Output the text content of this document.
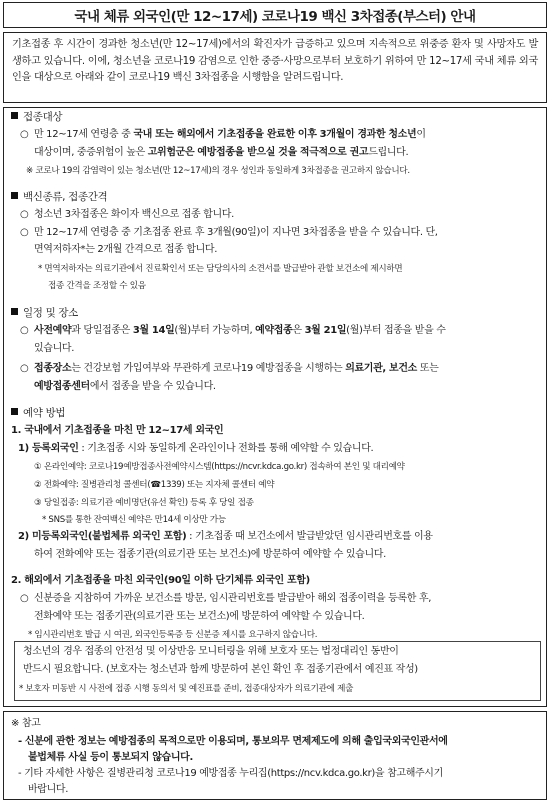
국내 체류 외국인(만 12~17세) 코로나19 백신 3차접종(부스터) 안내
기초접종 후 시간이 경과한 청소년(만 12~17세)에서의 확진자가 급증하고 있으며 지속적으로 위중증 환자 및 사망자도 발생하고 있습니다. 이에, 청소년을 코로나19 감염으로 인한 중증·사망으로부터 보호하기 위하여 만 12~17세 국내 체류 외국인을 대상으로 아래와 같이 코로나19 백신 3차접종을 시행함을 알려드립니다.
접종대상
○  만 12~17세 연령층 중 국내 또는 해외에서 기초접종을 완료한 이후 3개월이 경과한 청소년이
대상이며, 중증위험이 높은 고위험군은 예방접종을 받으실 것을 적극적으로 권고드립니다.
※ 코로나 19의 감염력이 있는 청소년(만 12~17세)의 경우 성인과 동일하게 3차접종을 권고하지 않습니다.
백신종류, 접종간격
○  청소년 3차접종은 화이자 백신으로 접종 합니다.
○  만 12~17세 연령층 중 기초접종 완료 후 3개월(90일)이 지나면 3차접종을 받을 수 있습니다. 단,
면역저하자*는 2개월 간격으로 접종 합니다.
* 면역저하자는 의료기관에서 진료확인서 또는 담당의사의 소견서를 발급받아 관할 보건소에 제시하면
접종 간격을 조정할 수 있음
일정 및 장소
○  사전예약과 당일접종은 3월 14일(월)부터 가능하며, 예약접종은 3월 21일(월)부터 접종을 받을 수
있습니다.
○  접종장소는 건강보험 가입여부와 무관하게 코로나19 예방접종을 시행하는 의료기관, 보건소 또는
예방접종센터에서 접종을 받을 수 있습니다.
예약 방법
1. 국내에서 기초접종을 마친 만 12~17세 외국인
1) 등록외국인 : 기초접종 시와 동일하게 온라인이나 전화를 통해 예약할 수 있습니다.
① 온라인예약: 코로나19예방접종사전예약시스템(https://ncvr.kdca.go.kr) 접속하여 본인 및 대리예약
② 전화예약: 질병관리청 콜센터(☎1339) 또는 지자체 콜센터 예약
③ 당일접종: 의료기관 예비명단(유선 확인) 등록 후 당일 접종
* SNS를 통한 잔여백신 예약은 만14세 이상만 가능
2) 미등록외국인(불법체류 외국인 포함) : 기초접종 때 보건소에서 발급받았던 임시관리번호를 이용
하여 전화예약 또는 접종기관(의료기관 또는 보건소)에 방문하여 예약할 수 있습니다.
2. 해외에서 기초접종을 마친 외국인(90일 이하 단기체류 외국인 포함)
○  신분증을 지참하여 가까운 보건소를 방문, 임시관리번호를 발급받아 해외 접종이력을 등록한 후,
전화예약 또는 접종기관(의료기관 또는 보건소)에 방문하여 예약할 수 있습니다.
* 임시관리번호 발급 시 여권, 외국인등록증 등 신분증 제시를 요구하지 않습니다.
청소년의 경우 접종의 안전성 및 이상반응 모니터링을 위해 보호자 또는 법정대리인 동반이
반드시 필요합니다. (보호자는 청소년과 함께 방문하여 본인 확인 후 접종기관에서 예진표 작성)
* 보호자 미동반 시 사전에 접종 시행 동의서 및 예진표를 준비, 접종대상자가 의료기관에 제출
※ 참고
- 신분에 관한 정보는 예방접종의 목적으로만 이용되며, 통보의무 면제제도에 의해 출입국외국인관서에
불법체류 사실 등이 통보되지 않습니다.
- 기타 자세한 사항은 질병관리청 코로나19 예방접종 누리집(https://ncv.kdca.go.kr)을 참고해주시기
바랍니다.
